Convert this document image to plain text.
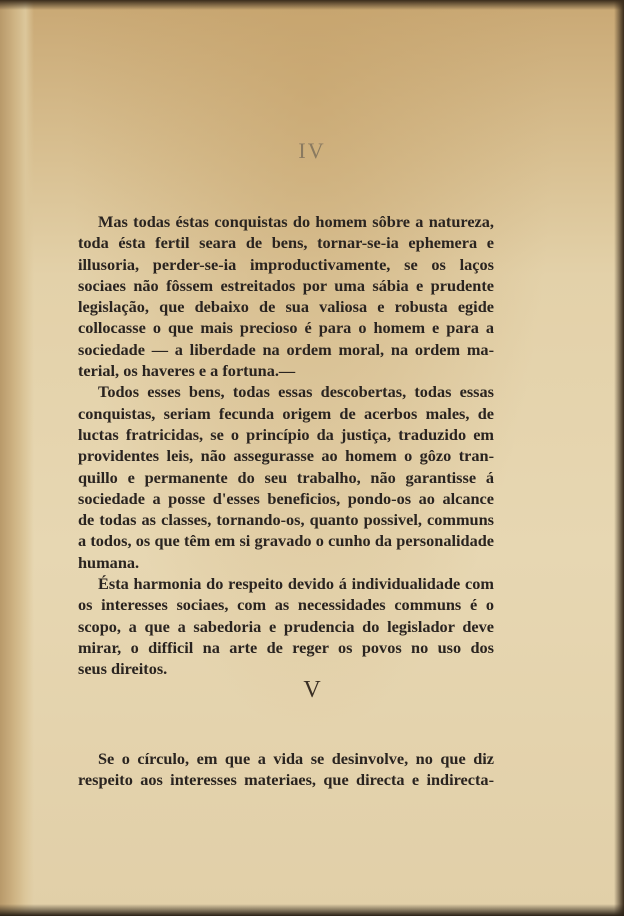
IV
Mas todas éstas conquistas do homem sôbre a natureza,
toda ésta fertil seara de bens, tornar-se-ia ephemera e
illusoria, perder-se-ia improductivamente, se os laços
sociaes não fôssem estreitados por uma sábia e prudente
legislação, que debaixo de sua valiosa e robusta egide
collocasse o que mais precioso é para o homem e para a
sociedade — a liberdade na ordem moral, na ordem ma-
terial, os haveres e a fortuna.—
Todos esses bens, todas essas descobertas, todas essas
conquistas, seriam fecunda origem de acerbos males, de
luctas fratricidas, se o princípio da justiça, traduzido em
providentes leis, não assegurasse ao homem o gôzo tran-
quillo e permanente do seu trabalho, não garantisse á
sociedade a posse d'esses beneficios, pondo-os ao alcance
de todas as classes, tornando-os, quanto possivel, communs
a todos, os que têm em si gravado o cunho da personalidade
humana.
Ésta harmonia do respeito devido á individualidade com
os interesses sociaes, com as necessidades communs é o
scopo, a que a sabedoria e prudencia do legislador deve
mirar, o difficil na arte de reger os povos no uso dos
seus direitos.
V
Se o círculo, em que a vida se desinvolve, no que diz
respeito aos interesses materiaes, que directa e indirecta-
